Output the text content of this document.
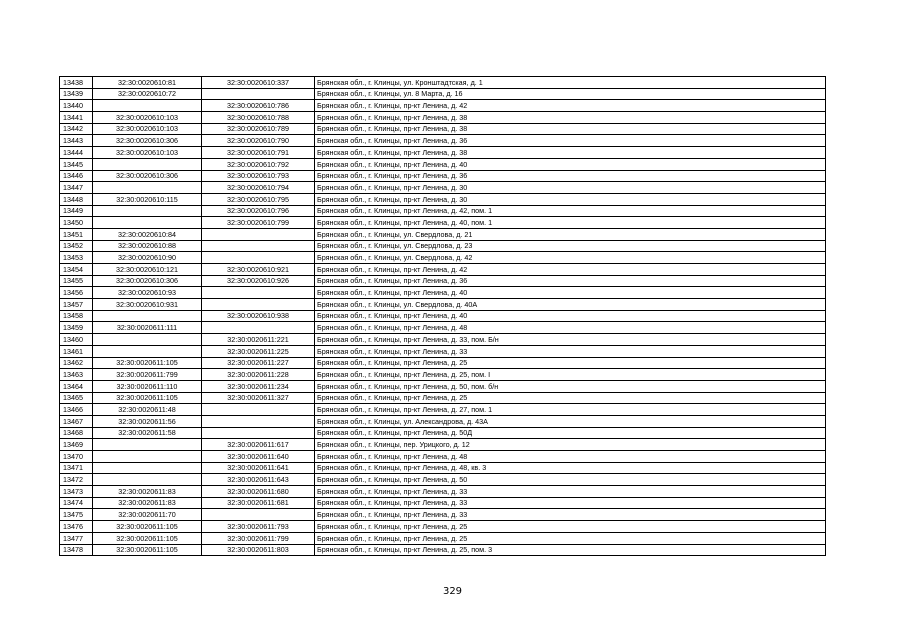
13438	32:30:0020610:81	32:30:0020610:337	Брянская обл., г. Клинцы, ул. Кронштадтская, д. 1
13439	32:30:0020610:72		Брянская обл., г. Клинцы, ул. 8 Марта, д. 16
13440		32:30:0020610:786	Брянская обл., г. Клинцы, пр-кт Ленина, д. 42
13441	32:30:0020610:103	32:30:0020610:788	Брянская обл., г. Клинцы, пр-кт Ленина, д. 38
13442	32:30:0020610:103	32:30:0020610:789	Брянская обл., г. Клинцы, пр-кт Ленина, д. 38
13443	32:30:0020610:306	32:30:0020610:790	Брянская обл., г. Клинцы, пр-кт Ленина, д. 36
13444	32:30:0020610:103	32:30:0020610:791	Брянская обл., г. Клинцы, пр-кт Ленина, д. 38
13445		32:30:0020610:792	Брянская обл., г. Клинцы, пр-кт Ленина, д. 40
13446	32:30:0020610:306	32:30:0020610:793	Брянская обл., г. Клинцы, пр-кт Ленина, д. 36
13447		32:30:0020610:794	Брянская обл., г. Клинцы, пр-кт Ленина, д. 30
13448	32:30:0020610:115	32:30:0020610:795	Брянская обл., г. Клинцы, пр-кт Ленина, д. 30
13449		32:30:0020610:796	Брянская обл., г. Клинцы, пр-кт Ленина, д. 42, пом. 1
13450		32:30:0020610:799	Брянская обл., г. Клинцы, пр-кт Ленина, д. 40, пом. 1
13451	32:30:0020610:84		Брянская обл., г. Клинцы, ул. Свердлова, д. 21
13452	32:30:0020610:88		Брянская обл., г. Клинцы, ул. Свердлова, д. 23
13453	32:30:0020610:90		Брянская обл., г. Клинцы, ул. Свердлова, д. 42
13454	32:30:0020610:121	32:30:0020610:921	Брянская обл., г. Клинцы, пр-кт Ленина, д. 42
13455	32:30:0020610:306	32:30:0020610:926	Брянская обл., г. Клинцы, пр-кт Ленина, д. 36
13456	32:30:0020610:93		Брянская обл., г. Клинцы, пр-кт Ленина, д. 40
13457	32:30:0020610:931		Брянская обл., г. Клинцы, ул. Свердлова, д. 40А
13458		32:30:0020610:938	Брянская обл., г. Клинцы, пр-кт Ленина, д. 40
13459	32:30:0020611:111		Брянская обл., г. Клинцы, пр-кт Ленина, д. 48
13460		32:30:0020611:221	Брянская обл., г. Клинцы, пр-кт Ленина, д. 33, пом. Б/н
13461		32:30:0020611:225	Брянская обл., г. Клинцы, пр-кт Ленина, д. 33
13462	32:30:0020611:105	32:30:0020611:227	Брянская обл., г. Клинцы, пр-кт Ленина, д. 25
13463	32:30:0020611:799	32:30:0020611:228	Брянская обл., г. Клинцы, пр-кт Ленина, д. 25, пом. I
13464	32:30:0020611:110	32:30:0020611:234	Брянская обл., г. Клинцы, пр-кт Ленина, д. 50, пом. б/н
13465	32:30:0020611:105	32:30:0020611:327	Брянская обл., г. Клинцы, пр-кт Ленина, д. 25
13466	32:30:0020611:48		Брянская обл., г. Клинцы, пр-кт Ленина, д. 27, пом. 1
13467	32:30:0020611:56		Брянская обл., г. Клинцы, ул. Александрова, д. 43А
13468	32:30:0020611:58		Брянская обл., г. Клинцы, пр-кт Ленина, д. 50Д
13469		32:30:0020611:617	Брянская обл., г. Клинцы, пер. Урицкого, д. 12
13470		32:30:0020611:640	Брянская обл., г. Клинцы, пр-кт Ленина, д. 48
13471		32:30:0020611:641	Брянская обл., г. Клинцы, пр-кт Ленина, д. 48, кв. 3
13472		32:30:0020611:643	Брянская обл., г. Клинцы, пр-кт Ленина, д. 50
13473	32:30:0020611:83	32:30:0020611:680	Брянская обл., г. Клинцы, пр-кт Ленина, д. 33
13474	32:30:0020611:83	32:30:0020611:681	Брянская обл., г. Клинцы, пр-кт Ленина, д. 33
13475	32:30:0020611:70		Брянская обл., г. Клинцы, пр-кт Ленина, д. 33
13476	32:30:0020611:105	32:30:0020611:793	Брянская обл., г. Клинцы, пр-кт Ленина, д. 25
13477	32:30:0020611:105	32:30:0020611:799	Брянская обл., г. Клинцы, пр-кт Ленина, д. 25
13478	32:30:0020611:105	32:30:0020611:803	Брянская обл., г. Клинцы, пр-кт Ленина, д. 25, пом. 3
329
